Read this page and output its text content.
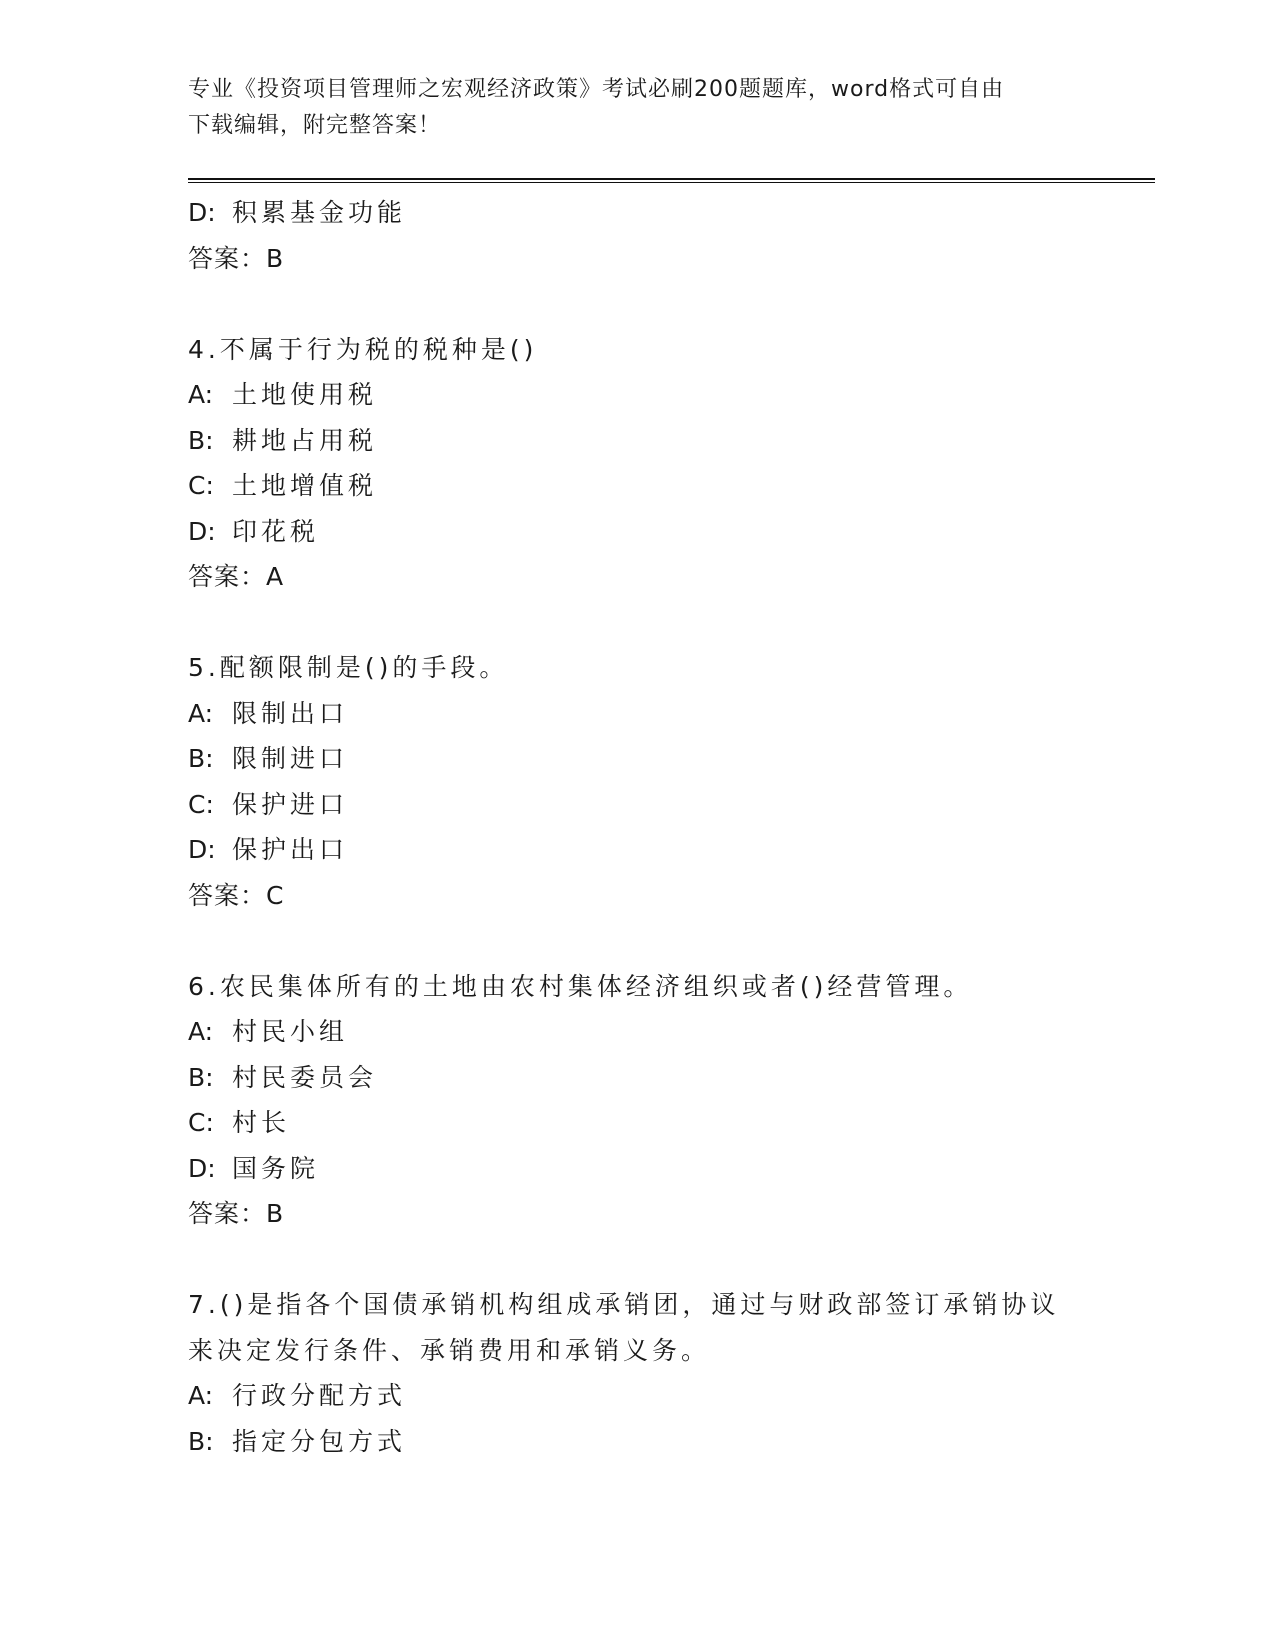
专业《投资项目管理师之宏观经济政策》考试必刷200题题库，word格式可自由
下载编辑，附完整答案！
D: 积累基金功能
答案：B
4.不属于行为税的税种是()
A: 土地使用税
B: 耕地占用税
C: 土地增值税
D: 印花税
答案：A
5.配额限制是()的手段。
A: 限制出口
B: 限制进口
C: 保护进口
D: 保护出口
答案：C
6.农民集体所有的土地由农村集体经济组织或者()经营管理。
A: 村民小组
B: 村民委员会
C: 村长
D: 国务院
答案：B
7.()是指各个国债承销机构组成承销团，通过与财政部签订承销协议
来决定发行条件、承销费用和承销义务。
A: 行政分配方式
B: 指定分包方式
